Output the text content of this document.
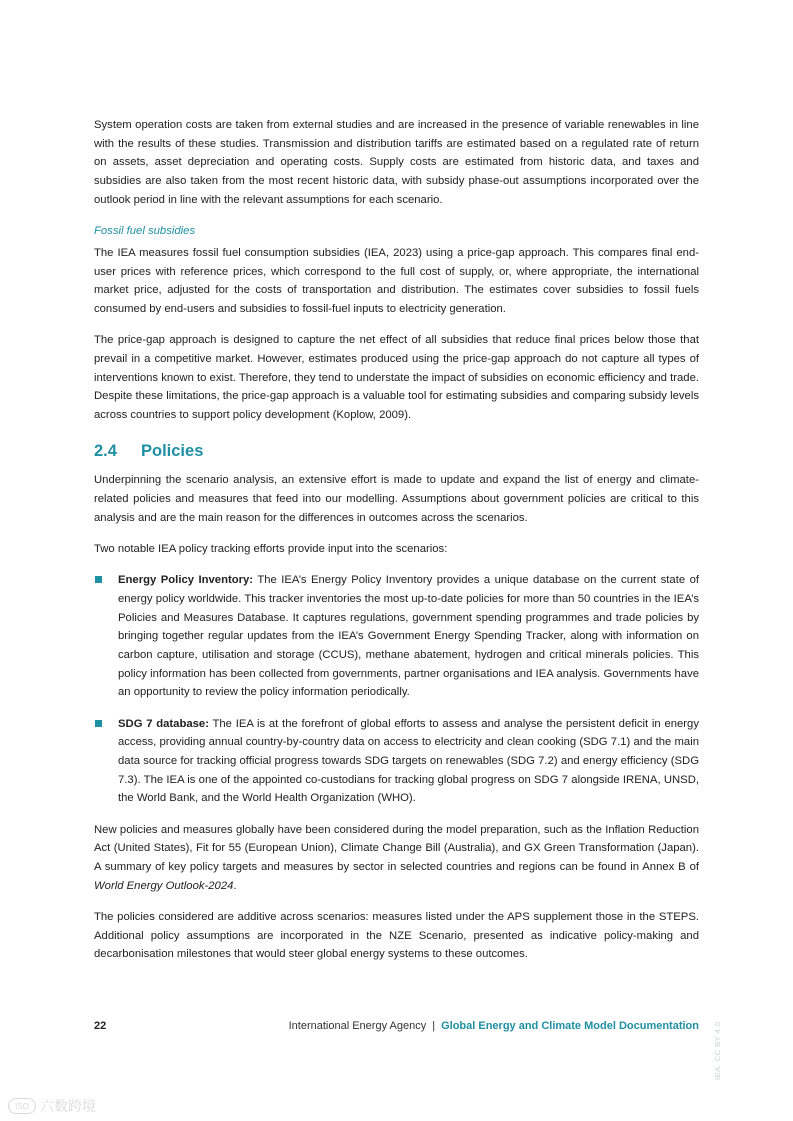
System operation costs are taken from external studies and are increased in the presence of variable renewables in line with the results of these studies. Transmission and distribution tariffs are estimated based on a regulated rate of return on assets, asset depreciation and operating costs. Supply costs are estimated from historic data, and taxes and subsidies are also taken from the most recent historic data, with subsidy phase-out assumptions incorporated over the outlook period in line with the relevant assumptions for each scenario.

Fossil fuel subsidies

The IEA measures fossil fuel consumption subsidies (IEA, 2023) using a price-gap approach. This compares final end-user prices with reference prices, which correspond to the full cost of supply, or, where appropriate, the international market price, adjusted for the costs of transportation and distribution. The estimates cover subsidies to fossil fuels consumed by end-users and subsidies to fossil-fuel inputs to electricity generation.

The price-gap approach is designed to capture the net effect of all subsidies that reduce final prices below those that prevail in a competitive market. However, estimates produced using the price-gap approach do not capture all types of interventions known to exist. Therefore, they tend to understate the impact of subsidies on economic efficiency and trade. Despite these limitations, the price-gap approach is a valuable tool for estimating subsidies and comparing subsidy levels across countries to support policy development (Koplow, 2009).

2.4	Policies

Underpinning the scenario analysis, an extensive effort is made to update and expand the list of energy and climate-related policies and measures that feed into our modelling. Assumptions about government policies are critical to this analysis and are the main reason for the differences in outcomes across the scenarios.

Two notable IEA policy tracking efforts provide input into the scenarios:

Energy Policy Inventory: The IEA’s Energy Policy Inventory provides a unique database on the current state of energy policy worldwide. This tracker inventories the most up-to-date policies for more than 50 countries in the IEA’s Policies and Measures Database. It captures regulations, government spending programmes and trade policies by bringing together regular updates from the IEA’s Government Energy Spending Tracker, along with information on carbon capture, utilisation and storage (CCUS), methane abatement, hydrogen and critical minerals policies. This policy information has been collected from governments, partner organisations and IEA analysis. Governments have an opportunity to review the policy information periodically.

SDG 7 database: The IEA is at the forefront of global efforts to assess and analyse the persistent deficit in energy access, providing annual country-by-country data on access to electricity and clean cooking (SDG 7.1) and the main data source for tracking official progress towards SDG targets on renewables (SDG 7.2) and energy efficiency (SDG 7.3). The IEA is one of the appointed co-custodians for tracking global progress on SDG 7 alongside IRENA, UNSD, the World Bank, and the World Health Organization (WHO).

New policies and measures globally have been considered during the model preparation, such as the Inflation Reduction Act (United States), Fit for 55 (European Union), Climate Change Bill (Australia), and GX Green Transformation (Japan). A summary of key policy targets and measures by sector in selected countries and regions can be found in Annex B of World Energy Outlook-2024.

The policies considered are additive across scenarios: measures listed under the APS supplement those in the STEPS. Additional policy assumptions are incorporated in the NZE Scenario, presented as indicative policy-making and decarbonisation milestones that would steer global energy systems to these outcomes.

22	International Energy Agency | Global Energy and Climate Model Documentation IEA. CC BY 4.0
ISO 六数跨境
